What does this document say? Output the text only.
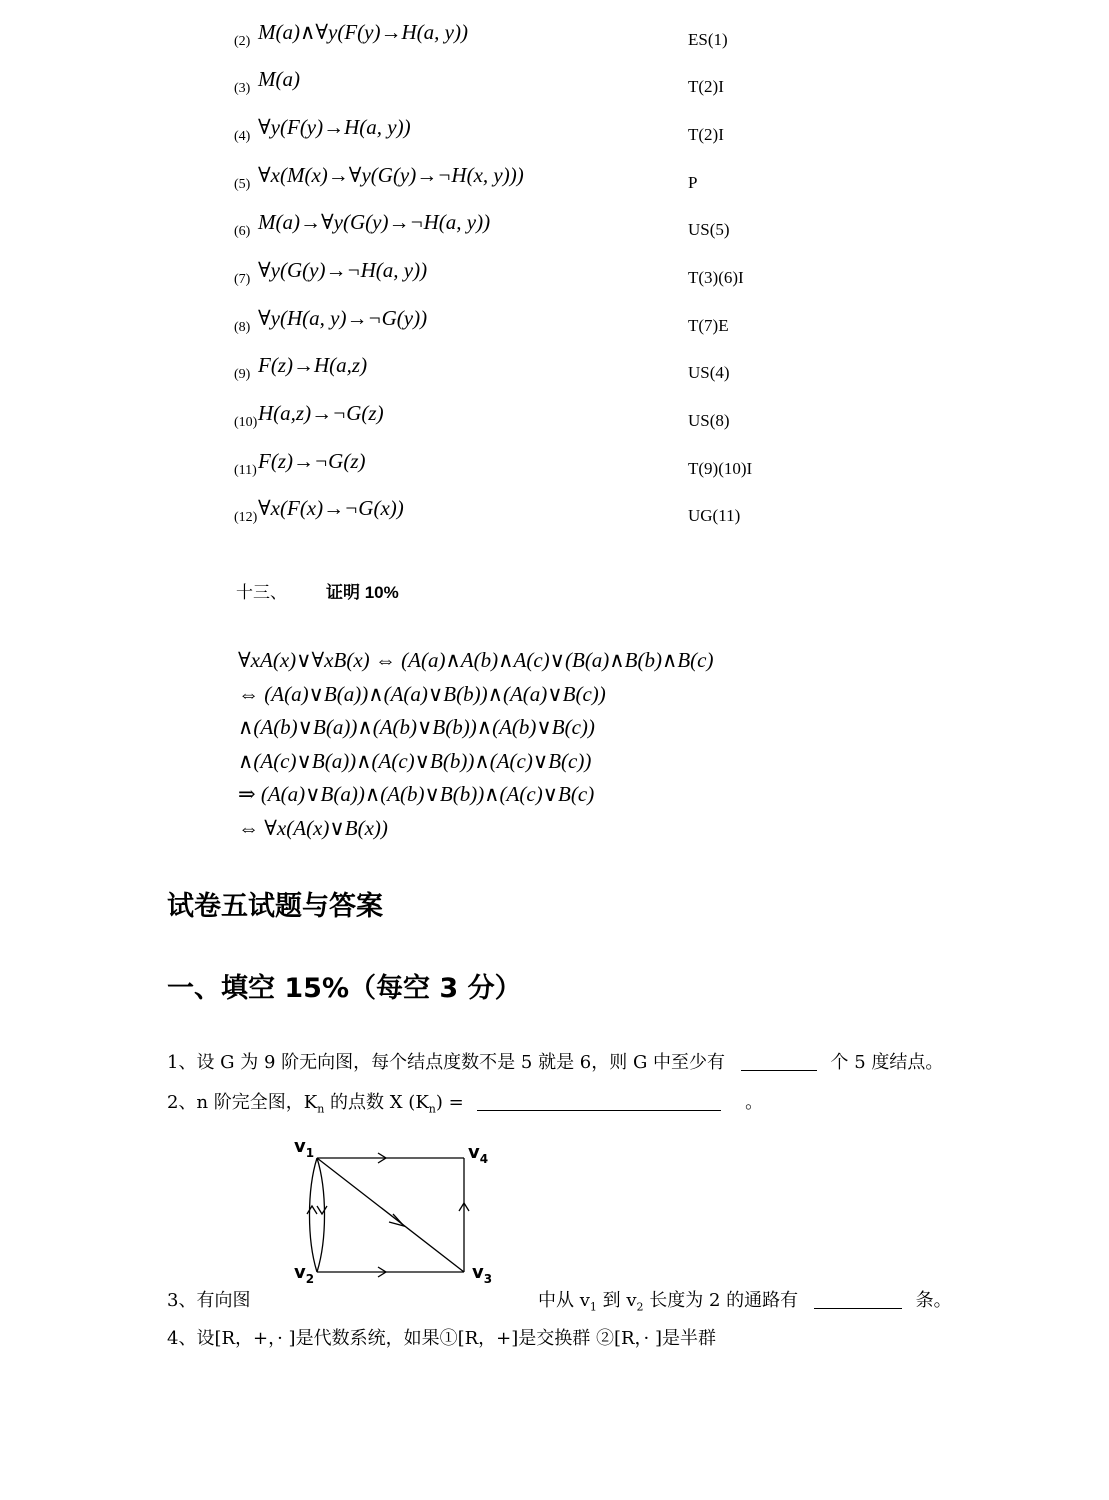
(2) M(a)∧∀y(F(y)→H(a, y))	ES(1)
(3) M(a)	T(2)I
(4) ∀y(F(y)→H(a, y))	T(2)I
(5) ∀x(M(x)→∀y(G(y)→¬H(x, y)))	P
(6) M(a)→∀y(G(y)→¬H(a, y))	US(5)
(7) ∀y(G(y)→¬H(a, y))	T(3)(6)I
(8) ∀y(H(a, y)→¬G(y))	T(7)E
(9) F(z)→H(a,z)	US(4)
(10) H(a,z)→¬G(z)	US(8)
(11) F(z)→¬G(z)	T(9)(10)I
(12) ∀x(F(x)→¬G(x))	UG(11)
十三、 证明 10%
∀xA(x)∨∀xB(x) ⇔ (A(a)∧A(b)∧A(c)∨(B(a)∧B(b)∧B(c)
⇔ (A(a)∨B(a))∧(A(a)∨B(b))∧(A(a)∨B(c))
∧(A(b)∨B(a))∧(A(b)∨B(b))∧(A(b)∨B(c))
∧(A(c)∨B(a))∧(A(c)∨B(b))∧(A(c)∨B(c))
⇒ (A(a)∨B(a))∧(A(b)∨B(b))∧(A(c)∨B(c)
⇔ ∀x(A(x)∨B(x))
试卷五试题与答案
一、填空 15%（每空 3 分）
1、设 G 为 9 阶无向图，每个结点度数不是 5 就是 6，则 G 中至少有	个 5 度结点。
2、n 阶完全图，$K_n$ 的点数 X $(K_n)$ =	。
$v_1$	$v_4$
$v_2$	$v_3$
3、有向图	中从 $v_1$ 到 $v_2$ 长度为 2 的通路有	条。
4、设[R，+，· ]是代数系统，如果①[R，+]是交换群 ②[R，· ]是半群
